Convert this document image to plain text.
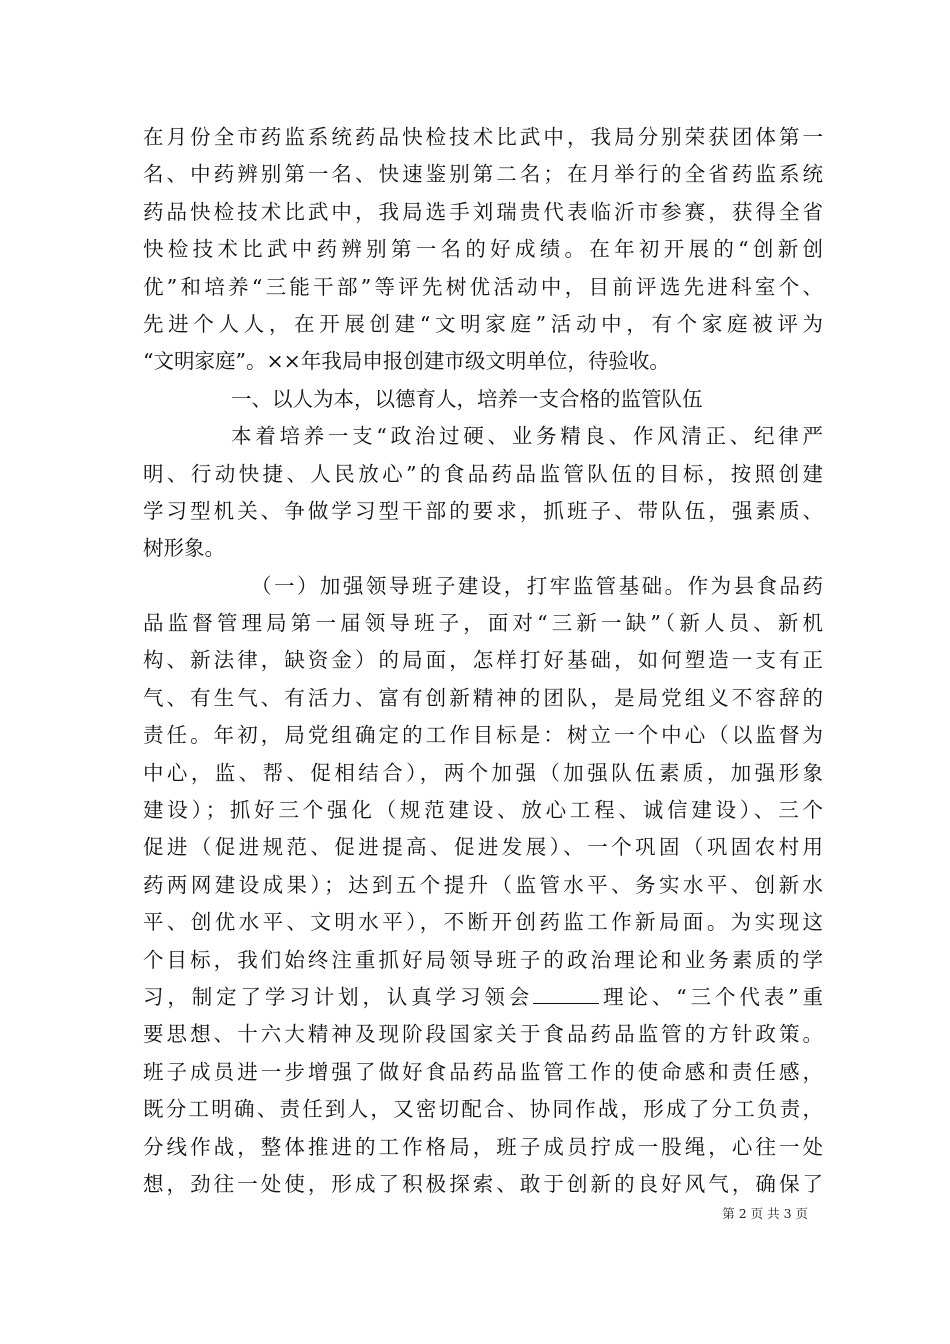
在月份全市药监系统药品快检技术比武中，我局分别荣获团体第一
名、中药辨别第一名、快速鉴别第二名；在月举行的全省药监系统
药品快检技术比武中，我局选手刘瑞贵代表临沂市参赛，获得全省
快检技术比武中药辨别第一名的好成绩。在年初开展的“创新创
优”和培养“三能干部”等评先树优活动中，目前评选先进科室个、
先进个人人，在开展创建“文明家庭”活动中，有个家庭被评为
“文明家庭”。××年我局申报创建市级文明单位，待验收。
一、以人为本，以德育人，培养一支合格的监管队伍
本着培养一支“政治过硬、业务精良、作风清正、纪律严
明、行动快捷、人民放心”的食品药品监管队伍的目标，按照创建
学习型机关、争做学习型干部的要求，抓班子、带队伍，强素质、
树形象。
（一）加强领导班子建设，打牢监管基础。作为县食品药
品监督管理局第一届领导班子，面对“三新一缺”（新人员、新机
构、新法律，缺资金）的局面，怎样打好基础，如何塑造一支有正
气、有生气、有活力、富有创新精神的团队，是局党组义不容辞的
责任。年初，局党组确定的工作目标是：树立一个中心（以监督为
中心，监、帮、促相结合），两个加强（加强队伍素质，加强形象
建设）；抓好三个强化（规范建设、放心工程、诚信建设）、三个
促进（促进规范、促进提高、促进发展）、一个巩固（巩固农村用
药两网建设成果）；达到五个提升（监管水平、务实水平、创新水
平、创优水平、文明水平），不断开创药监工作新局面。为实现这
个目标，我们始终注重抓好局领导班子的政治理论和业务素质的学
习，制定了学习计划，认真学习领会	理论、“三个代表”重
要思想、十六大精神及现阶段国家关于食品药品监管的方针政策。
班子成员进一步增强了做好食品药品监管工作的使命感和责任感，
既分工明确、责任到人，又密切配合、协同作战，形成了分工负责，
分线作战，整体推进的工作格局，班子成员拧成一股绳，心往一处
想，劲往一处使，形成了积极探索、敢于创新的良好风气，确保了
第 2 页 共 3 页
